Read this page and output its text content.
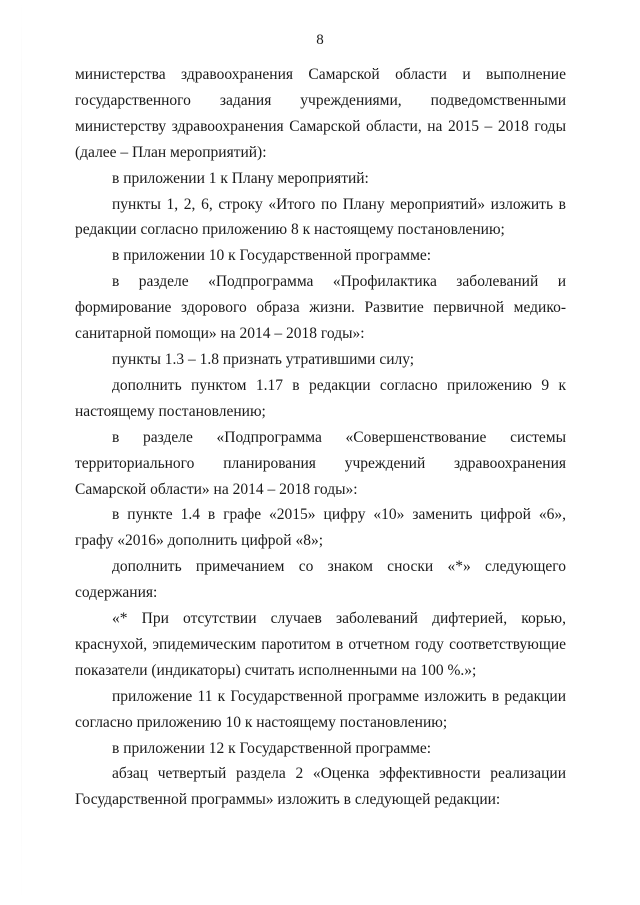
8

министерства здравоохранения Самарской области и выполнение государственного задания учреждениями, подведомственными министерству здравоохранения Самарской области, на 2015 – 2018 годы (далее – План мероприятий):

в приложении 1 к Плану мероприятий:

пункты 1, 2, 6, строку «Итого по Плану мероприятий» изложить в редакции согласно приложению 8 к настоящему постановлению;

в приложении 10 к Государственной программе:

в разделе «Подпрограмма «Профилактика заболеваний и формирование здорового образа жизни. Развитие первичной медико-санитарной помощи» на 2014 – 2018 годы»:

пункты 1.3 – 1.8 признать утратившими силу;

дополнить пунктом 1.17 в редакции согласно приложению 9 к настоящему постановлению;

в разделе «Подпрограмма «Совершенствование системы территориального планирования учреждений здравоохранения Самарской области» на 2014 – 2018 годы»:

в пункте 1.4 в графе «2015» цифру «10» заменить цифрой «6», графу «2016» дополнить цифрой «8»;

дополнить примечанием со знаком сноски «*» следующего содержания:

«* При отсутствии случаев заболеваний дифтерией, корью, краснухой, эпидемическим паротитом в отчетном году соответствующие показатели (индикаторы) считать исполненными на 100 %.»;

приложение 11 к Государственной программе изложить в редакции согласно приложению 10 к настоящему постановлению;

в приложении 12 к Государственной программе:

абзац четвертый раздела 2 «Оценка эффективности реализации Государственной программы» изложить в следующей редакции:
